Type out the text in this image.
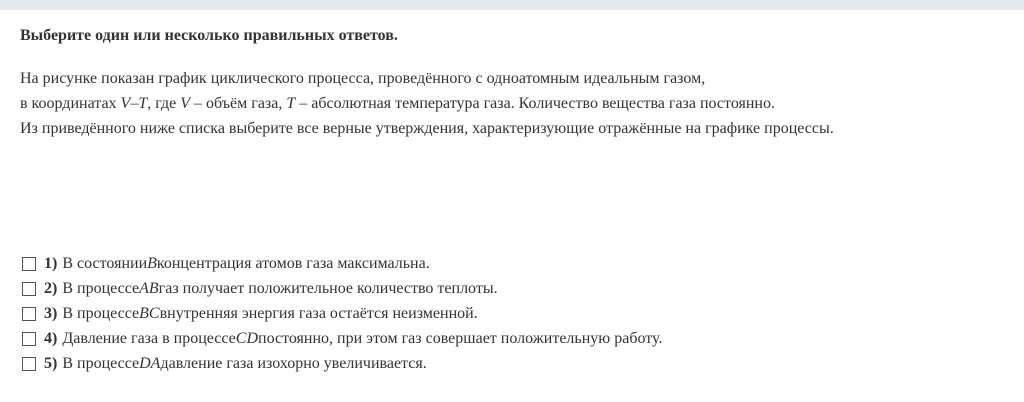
Выберите один или несколько правильных ответов.
На рисунке показан график циклического процесса, проведённого с одноатомным идеальным газом,
в координатах V–T, где V – объём газа, T – абсолютная температура газа. Количество вещества газа постоянно.
Из приведённого ниже списка выберите все верные утверждения, характеризующие отражённые на графике процессы.
1) В состоянии B концентрация атомов газа максимальна.
2) В процессе AB газ получает положительное количество теплоты.
3) В процессе BC внутренняя энергия газа остаётся неизменной.
4) Давление газа в процессе CD постоянно, при этом газ совершает положительную работу.
5) В процессе DA давление газа изохорно увеличивается.
